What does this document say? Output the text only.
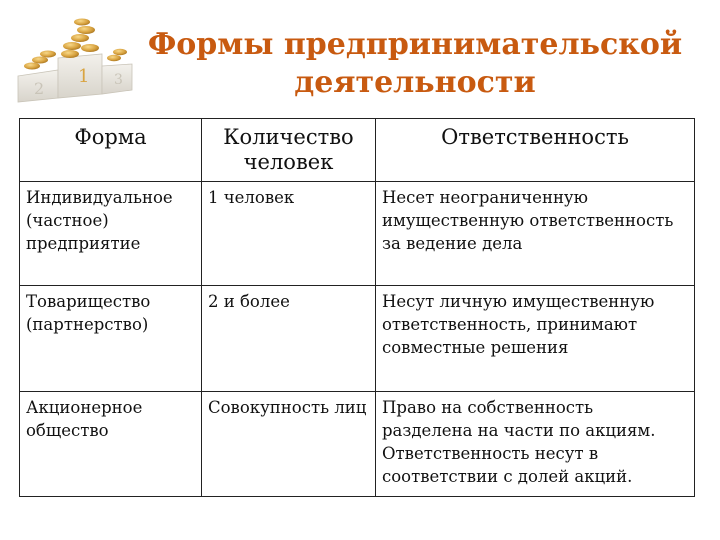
2
1 3
Формы предпринимательской
деятельности
Форма	Количество человек	Ответственность
Индивидуальное (частное) предприятие	1 человек	Несет неограниченную имущественную ответственность за ведение дела
Товарищество (партнерство)	2 и более	Несут личную имущественную ответственность, принимают совместные решения
Акционерное общество	Совокупность лиц	Право на собственность разделена на части по акциям. Ответственность несут в соответствии с долей акций.
